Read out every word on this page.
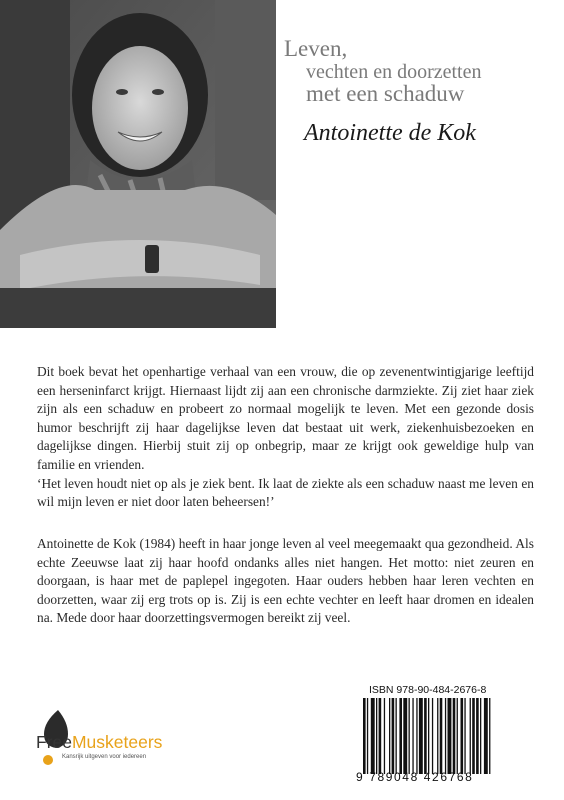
Leven,
vechten en doorzetten
met een schaduw
Antoinette de Kok

Dit boek bevat het openhartige verhaal van een vrouw, die op zevenentwintigjarige leeftijd een herseninfarct krijgt. Hiernaast lijdt zij aan een chronische darmziekte. Zij ziet haar ziek zijn als een schaduw en probeert zo normaal mogelijk te leven. Met een gezonde dosis humor beschrijft zij haar dagelijkse leven dat bestaat uit werk, ziekenhuisbezoeken en dagelijkse dingen. Hierbij stuit zij op onbegrip, maar ze krijgt ook geweldige hulp van familie en vrienden.

‘Het leven houdt niet op als je ziek bent. Ik laat de ziekte als een schaduw naast me leven en wil mijn leven er niet door laten beheersen!’

Antoinette de Kok (1984) heeft in haar jonge leven al veel meegemaakt qua gezondheid. Als echte Zeeuwse laat zij haar hoofd ondanks alles niet hangen. Het motto: niet zeuren en doorgaan, is haar met de paplepel ingegoten. Haar ouders hebben haar leren vechten en doorzetten, waar zij erg trots op is. Zij is een echte vechter en leeft haar dromen en idealen na. Mede door haar doorzettingsvermogen bereikt zij veel.

FreeMusketeers
Kansrijk uitgeven voor iedereen
ISBN 978-90-484-2676-8
9 789048 426768
